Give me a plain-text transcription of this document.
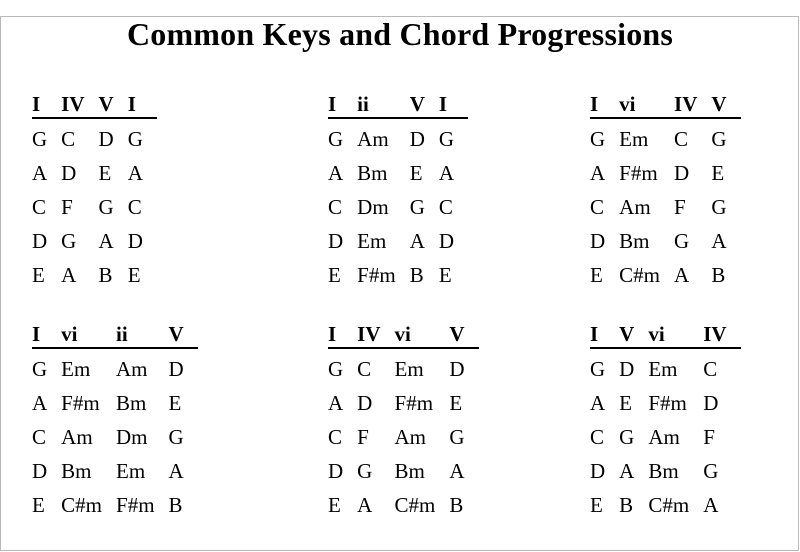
Common Keys and Chord Progressions
I	IV	V	I
G	C	D	G
A	D	E	A
C	F	G	C
D	G	A	D
E	A	B	E
I	ii	V	I
G	Am	D	G
A	Bm	E	A
C	Dm	G	C
D	Em	A	D
E	F#m	B	E
I	vi	IV	V
G	Em	C	G
A	F#m	D	E
C	Am	F	G
D	Bm	G	A
E	C#m	A	B
I	vi	ii	V
G	Em	Am	D
A	F#m	Bm	E
C	Am	Dm	G
D	Bm	Em	A
E	C#m	F#m	B
I	IV	vi	V
G	C	Em	D
A	D	F#m	E
C	F	Am	G
D	G	Bm	A
E	A	C#m	B
I	V	vi	IV
G	D	Em	C
A	E	F#m	D
C	G	Am	F
D	A	Bm	G
E	B	C#m	A
